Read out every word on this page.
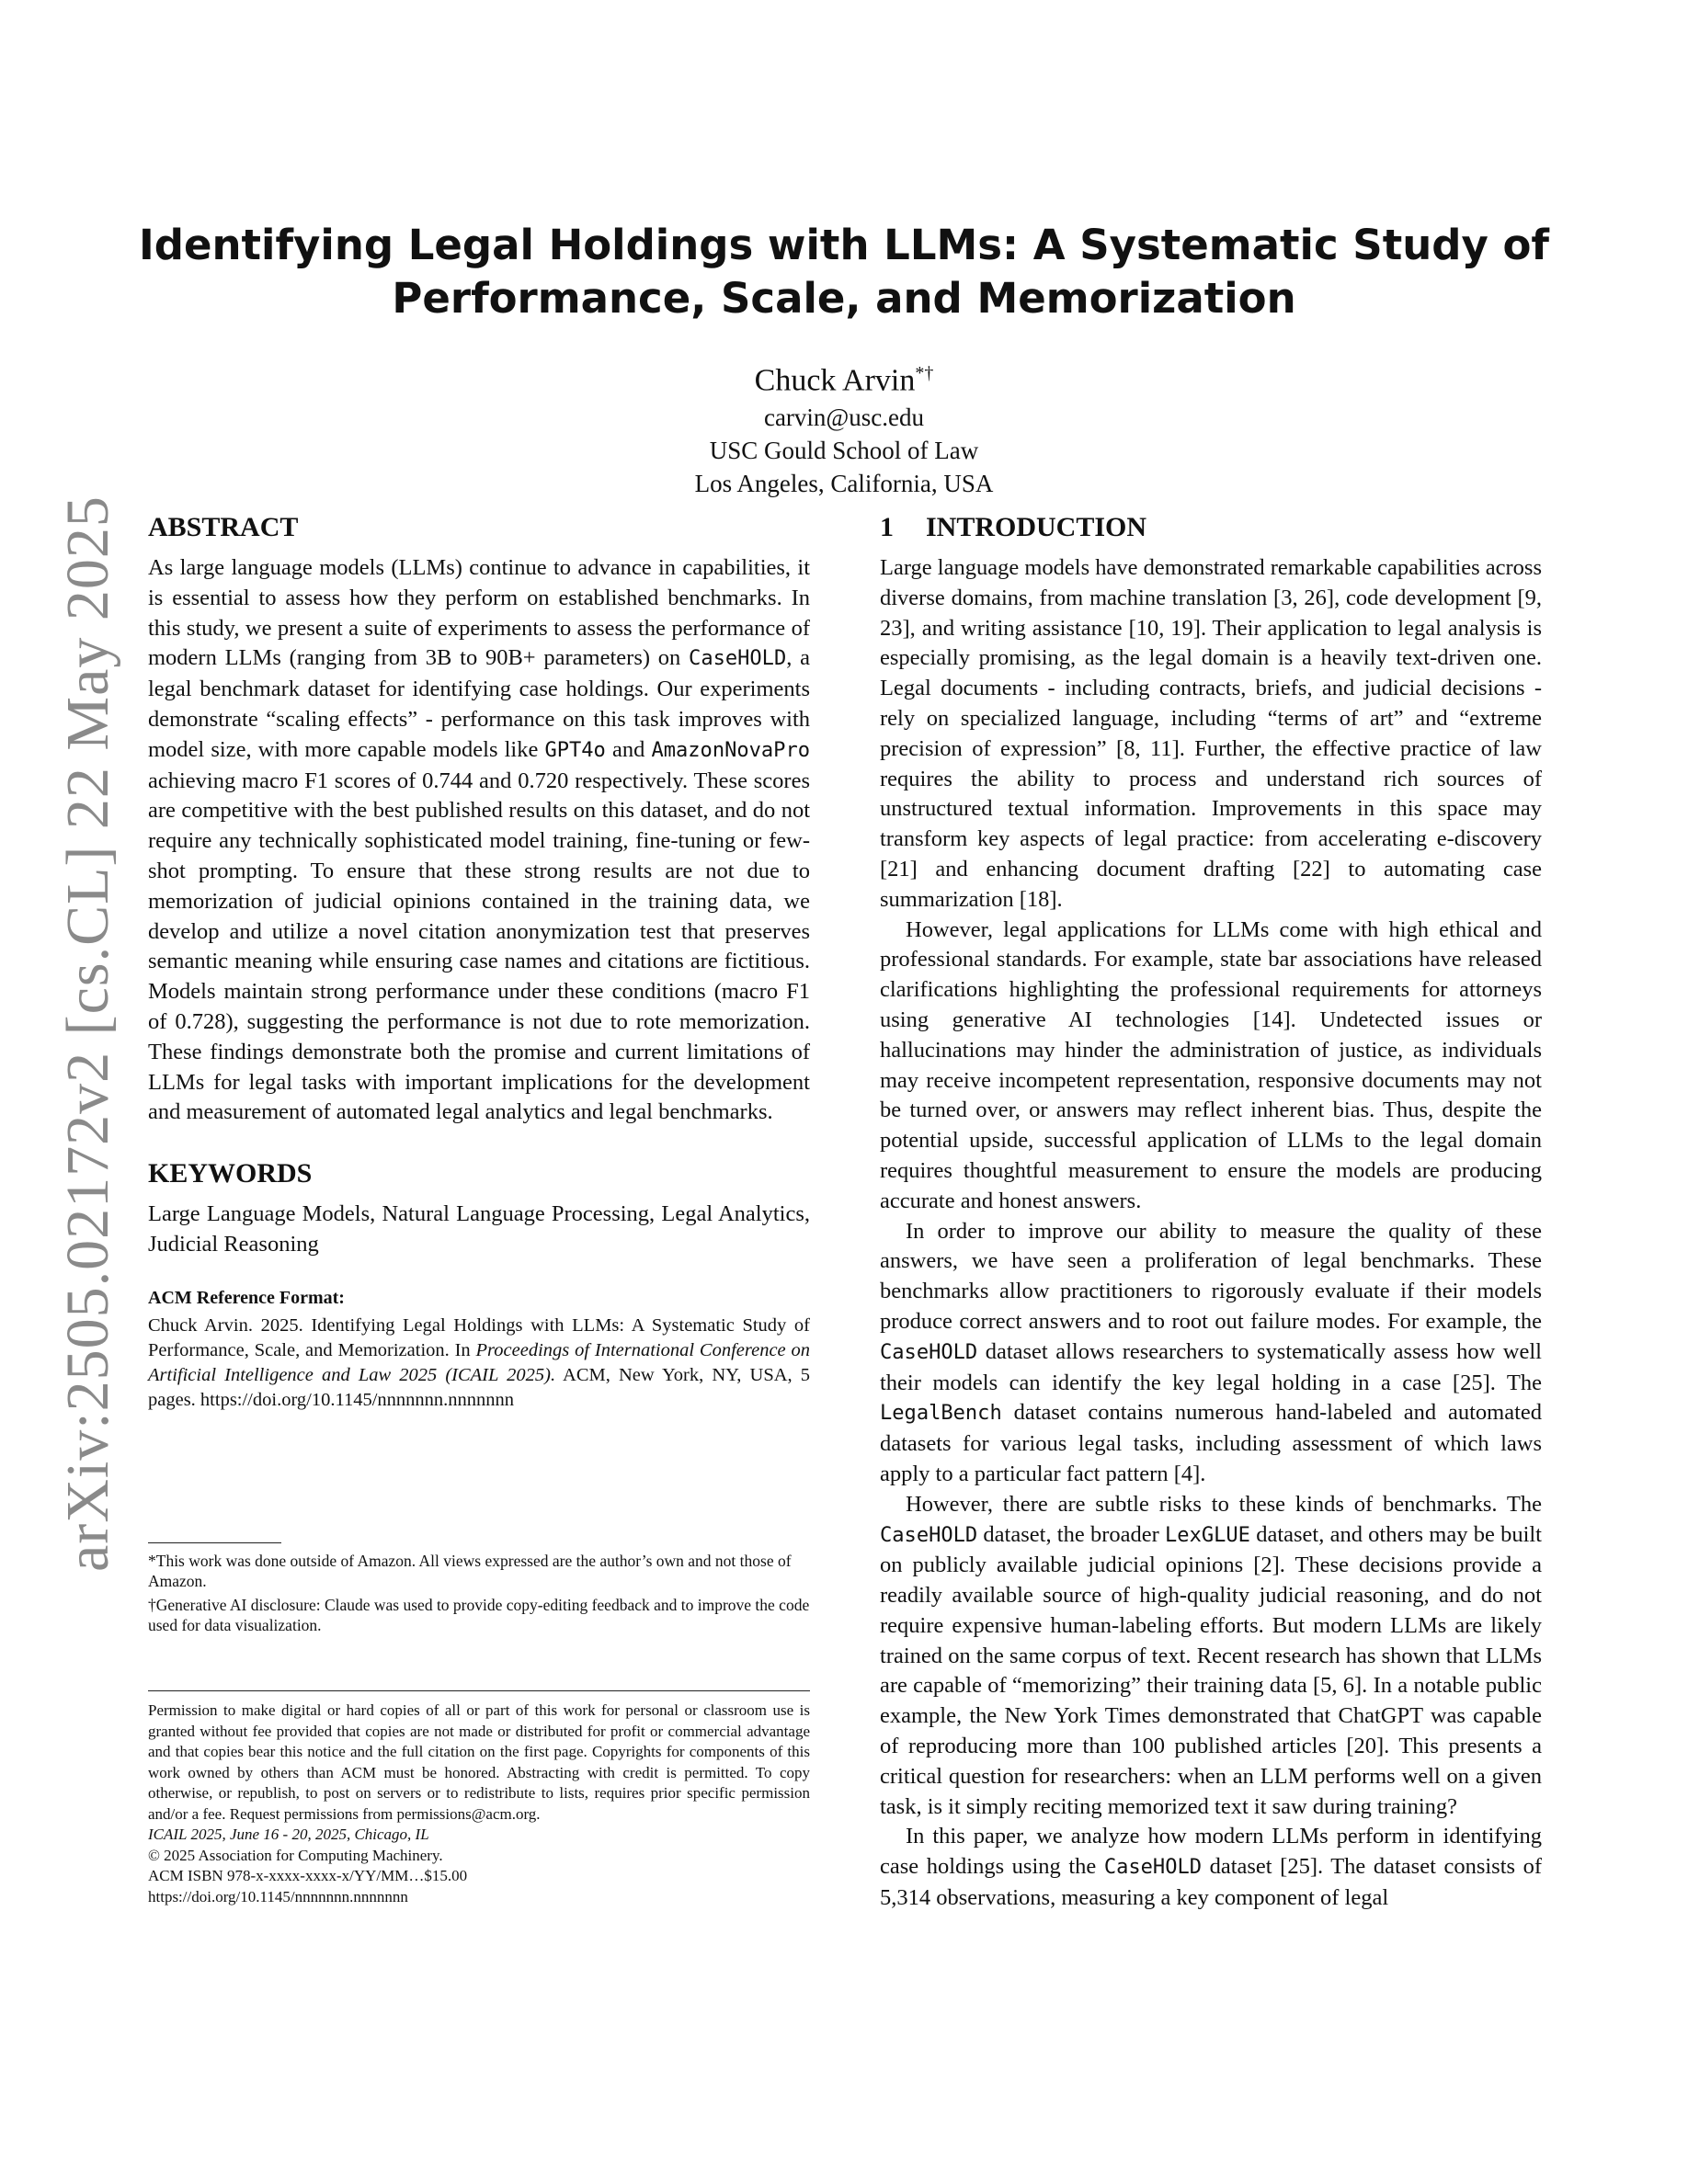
arXiv:2505.02172v2 [cs.CL] 22 May 2025
Identifying Legal Holdings with LLMs: A Systematic Study of
Performance, Scale, and Memorization
Chuck Arvin*†
carvin@usc.edu
USC Gould School of Law
Los Angeles, California, USA
ABSTRACT

As large language models (LLMs) continue to advance in capabilities, it is essential to assess how they perform on established benchmarks. In this study, we present a suite of experiments to assess the performance of modern LLMs (ranging from 3B to 90B+ parameters) on CaseHOLD, a legal benchmark dataset for identifying case holdings. Our experiments demonstrate “scaling effects” - performance on this task improves with model size, with more capable models like GPT4o and AmazonNovaPro achieving macro F1 scores of 0.744 and 0.720 respectively. These scores are competitive with the best published results on this dataset, and do not require any technically sophisticated model training, fine-tuning or few-shot prompting. To ensure that these strong results are not due to memorization of judicial opinions contained in the training data, we develop and utilize a novel citation anonymization test that preserves semantic meaning while ensuring case names and citations are fictitious. Models maintain strong performance under these conditions (macro F1 of 0.728), suggesting the performance is not due to rote memorization. These findings demonstrate both the promise and current limitations of LLMs for legal tasks with important implications for the development and measurement of automated legal analytics and legal benchmarks.

KEYWORDS

Large Language Models, Natural Language Processing, Legal Analytics, Judicial Reasoning

ACM Reference Format:
Chuck Arvin. 2025. Identifying Legal Holdings with LLMs: A Systematic Study of Performance, Scale, and Memorization. In Proceedings of International Conference on Artificial Intelligence and Law 2025 (ICAIL 2025). ACM, New York, NY, USA, 5 pages. https://doi.org/10.1145/nnnnnnn.nnnnnnn

*This work was done outside of Amazon. All views expressed are the author’s own and not those of Amazon.

†Generative AI disclosure: Claude was used to provide copy-editing feedback and to improve the code used for data visualization.

Permission to make digital or hard copies of all or part of this work for personal or classroom use is granted without fee provided that copies are not made or distributed for profit or commercial advantage and that copies bear this notice and the full citation on the first page. Copyrights for components of this work owned by others than ACM must be honored. Abstracting with credit is permitted. To copy otherwise, or republish, to post on servers or to redistribute to lists, requires prior specific permission and/or a fee. Request permissions from permissions@acm.org.

ICAIL 2025, June 16 - 20, 2025, Chicago, IL

© 2025 Association for Computing Machinery.

ACM ISBN 978-x-xxxx-xxxx-x/YY/MM…$15.00

https://doi.org/10.1145/nnnnnnn.nnnnnnn

1 INTRODUCTION

Large language models have demonstrated remarkable capabilities across diverse domains, from machine translation [3, 26], code development [9, 23], and writing assistance [10, 19]. Their application to legal analysis is especially promising, as the legal domain is a heavily text-driven one. Legal documents - including contracts, briefs, and judicial decisions - rely on specialized language, including “terms of art” and “extreme precision of expression” [8, 11]. Further, the effective practice of law requires the ability to process and understand rich sources of unstructured textual information. Improvements in this space may transform key aspects of legal practice: from accelerating e-discovery [21] and enhancing document drafting [22] to automating case summarization [18].

However, legal applications for LLMs come with high ethical and professional standards. For example, state bar associations have released clarifications highlighting the professional requirements for attorneys using generative AI technologies [14]. Undetected issues or hallucinations may hinder the administration of justice, as individuals may receive incompetent representation, responsive documents may not be turned over, or answers may reflect inherent bias. Thus, despite the potential upside, successful application of LLMs to the legal domain requires thoughtful measurement to ensure the models are producing accurate and honest answers.

In order to improve our ability to measure the quality of these answers, we have seen a proliferation of legal benchmarks. These benchmarks allow practitioners to rigorously evaluate if their models produce correct answers and to root out failure modes. For example, the CaseHOLD dataset allows researchers to systematically assess how well their models can identify the key legal holding in a case [25]. The LegalBench dataset contains numerous hand-labeled and automated datasets for various legal tasks, including assessment of which laws apply to a particular fact pattern [4].

However, there are subtle risks to these kinds of benchmarks. The CaseHOLD dataset, the broader LexGLUE dataset, and others may be built on publicly available judicial opinions [2]. These decisions provide a readily available source of high-quality judicial reasoning, and do not require expensive human-labeling efforts. But modern LLMs are likely trained on the same corpus of text. Recent research has shown that LLMs are capable of “memorizing” their training data [5, 6]. In a notable public example, the New York Times demonstrated that ChatGPT was capable of reproducing more than 100 published articles [20]. This presents a critical question for researchers: when an LLM performs well on a given task, is it simply reciting memorized text it saw during training?

In this paper, we analyze how modern LLMs perform in identifying case holdings using the CaseHOLD dataset [25]. The dataset consists of 5,314 observations, measuring a key component of legal
